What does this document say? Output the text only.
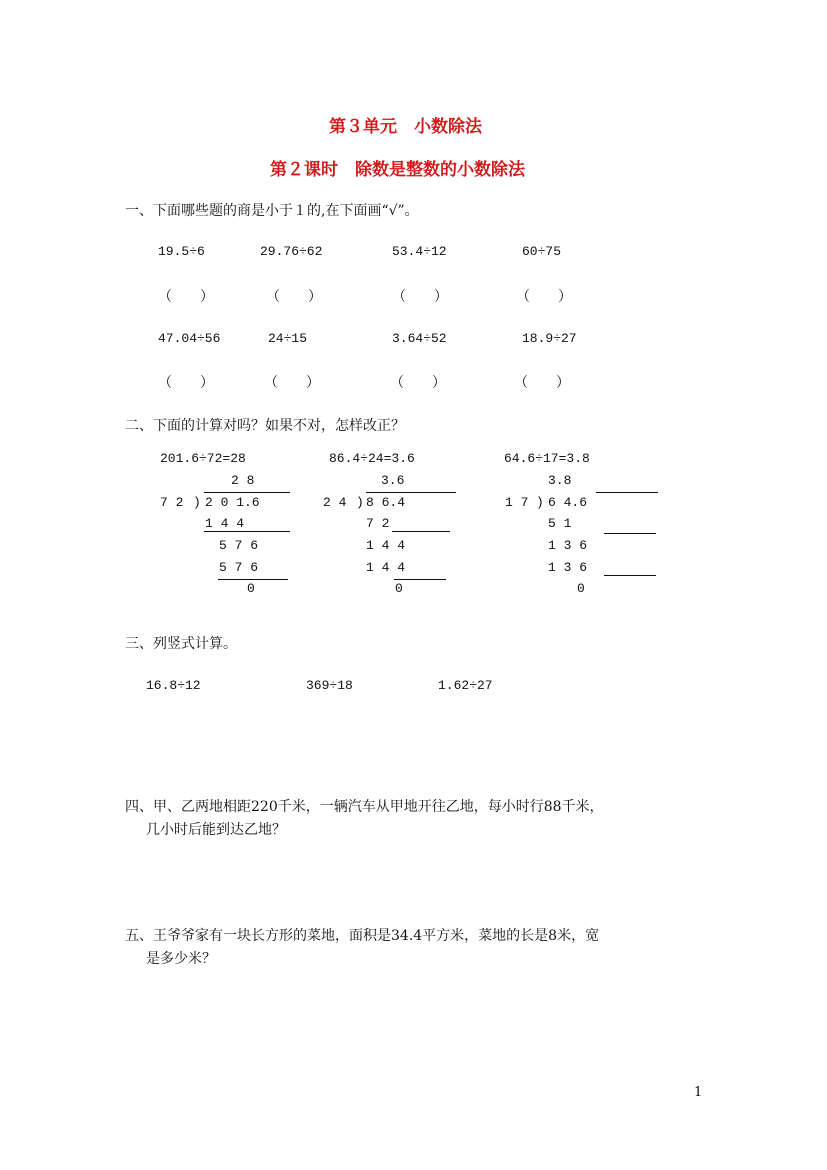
第３单元　小数除法
第２课时　除数是整数的小数除法
一、下面哪些题的商是小于１的,在下面画“√”。
19.5÷6	29.76÷62	53.4÷12	60÷75
（　　）	（　　）	（　　）	（　　）
47.04÷56	24÷15	3.64÷52	18.9÷27
（　　）	（　　）	（　　）	（　　）
二、下面的计算对吗？如果不对，怎样改正？
201.6÷72=28
2 8
7 2 ) 2 0 1.6
1 4 4
5 7 6
5 7 6
0
86.4÷24=3.6
3.6
2 4 ) 8 6.4
7 2
1 4 4
1 4 4
0
64.6÷17=3.8
3.8
1 7 ) 6 4.6
5 1
1 3 6
1 3 6
0
三、列竖式计算。
16.8÷12	369÷18	1.62÷27
四、甲、乙两地相距220千米，一辆汽车从甲地开往乙地，每小时行88千米，
几小时后能到达乙地？
五、王爷爷家有一块长方形的菜地，面积是34.4平方米，菜地的长是8米，宽
是多少米？
1
